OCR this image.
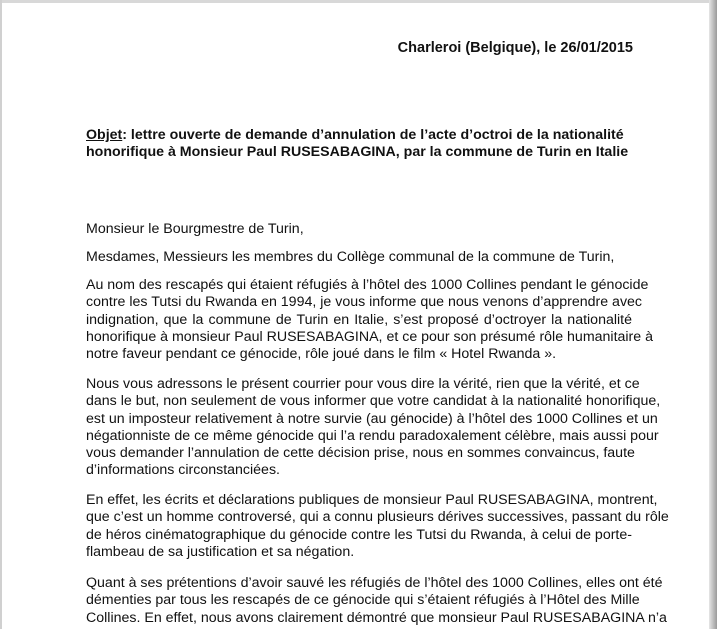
Charleroi (Belgique), le 26/01/2015
Objet: lettre ouverte de demande d’annulation de l’acte d’octroi de la nationalité
honorifique à Monsieur Paul RUSESABAGINA, par la commune de Turin en Italie
Monsieur le Bourgmestre de Turin,
Mesdames, Messieurs les membres du Collège communal de la commune de Turin,
Au nom des rescapés qui étaient réfugiés à l’hôtel des 1000 Collines pendant le génocide
contre les Tutsi du Rwanda en 1994, je vous informe que nous venons d’apprendre avec
indignation, que la commune de Turin en Italie, s’est proposé d’octroyer la nationalité
honorifique à monsieur Paul RUSESABAGINA, et ce pour son présumé rôle humanitaire à
notre faveur pendant ce génocide, rôle joué dans le film « Hotel Rwanda ».
Nous vous adressons le présent courrier pour vous dire la vérité, rien que la vérité, et ce
dans le but, non seulement de vous informer que votre candidat à la nationalité honorifique,
est un imposteur relativement à notre survie (au génocide) à l’hôtel des 1000 Collines et un
négationniste de ce même génocide qui l’a rendu paradoxalement célèbre, mais aussi pour
vous demander l’annulation de cette décision prise, nous en sommes convaincus, faute
d’informations circonstanciées.
En effet, les écrits et déclarations publiques de monsieur Paul RUSESABAGINA, montrent,
que c’est un homme controversé, qui a connu plusieurs dérives successives, passant du rôle
de héros cinématographique du génocide contre les Tutsi du Rwanda, à celui de porte-
flambeau de sa justification et sa négation.
Quant à ses prétentions d’avoir sauvé les réfugiés de l’hôtel des 1000 Collines, elles ont été
démenties par tous les rescapés de ce génocide qui s’étaient réfugiés à l’Hôtel des Mille
Collines. En effet, nous avons clairement démontré que monsieur Paul RUSESABAGINA n’a
